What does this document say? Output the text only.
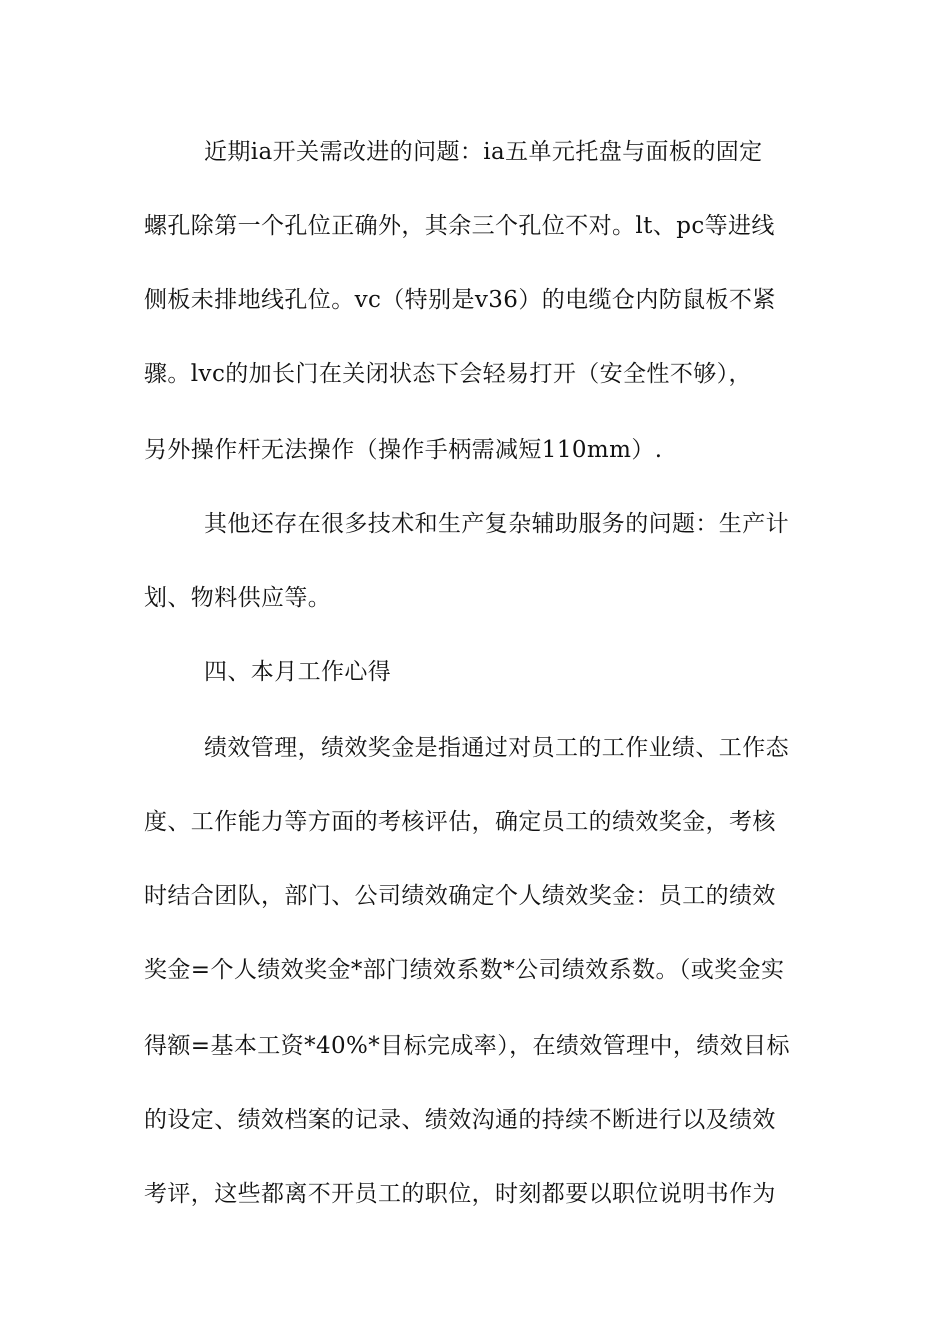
近期ia开关需改进的问题：ia五单元托盘与面板的固定
螺孔除第一个孔位正确外，其余三个孔位不对。lt、pc等进线
侧板未排地线孔位。vc（特别是v36）的电缆仓内防鼠板不紧
骤。lvc的加长门在关闭状态下会轻易打开（安全性不够），
另外操作杆无法操作（操作手柄需减短110mm）.
其他还存在很多技术和生产复杂辅助服务的问题：生产计
划、物料供应等。
四、本月工作心得
绩效管理，绩效奖金是指通过对员工的工作业绩、工作态
度、工作能力等方面的考核评估，确定员工的绩效奖金，考核
时结合团队，部门、公司绩效确定个人绩效奖金：员工的绩效
奖金=个人绩效奖金*部门绩效系数*公司绩效系数。（或奖金实
得额=基本工资*40%*目标完成率），在绩效管理中，绩效目标
的设定、绩效档案的记录、绩效沟通的持续不断进行以及绩效
考评，这些都离不开员工的职位，时刻都要以职位说明书作为
